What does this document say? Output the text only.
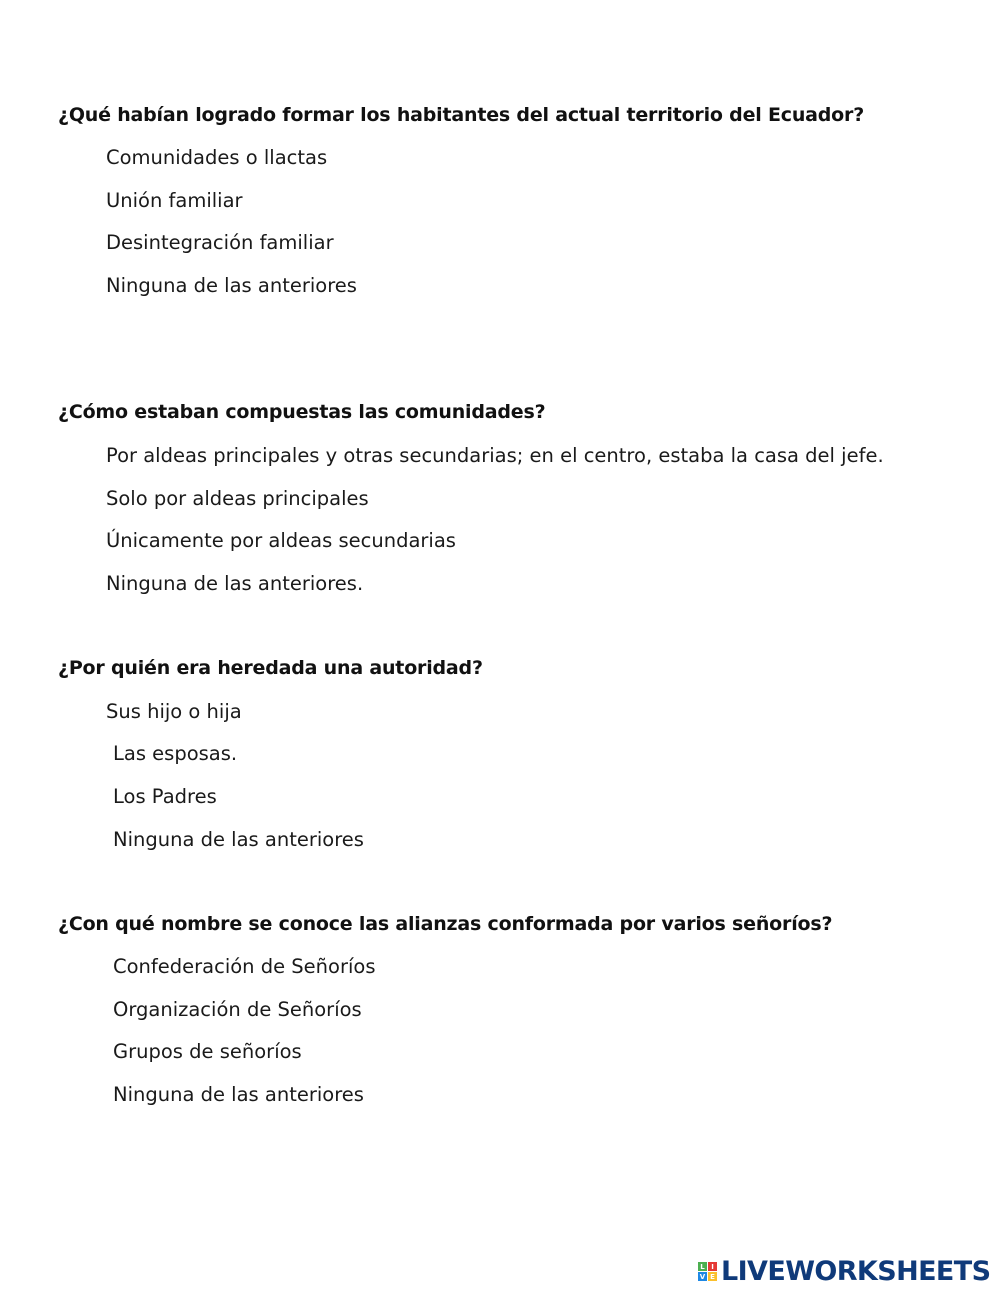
¿Qué habían logrado formar los habitantes del actual territorio del Ecuador?
Comunidades o llactas
Unión familiar
Desintegración familiar
Ninguna de las anteriores
¿Cómo estaban compuestas las comunidades?
Por aldeas principales y otras secundarias; en el centro, estaba la casa del jefe.
Solo por aldeas principales
Únicamente por aldeas secundarias
Ninguna de las anteriores.
¿Por quién era heredada una autoridad?
Sus hijo o hija
Las esposas.
Los Padres
Ninguna de las anteriores
¿Con qué nombre se conoce las alianzas conformada por varios señoríos?
Confederación de Señoríos
Organización de Señoríos
Grupos de señoríos
Ninguna de las anteriores
L I
V E LIVEWORKSHEETS
